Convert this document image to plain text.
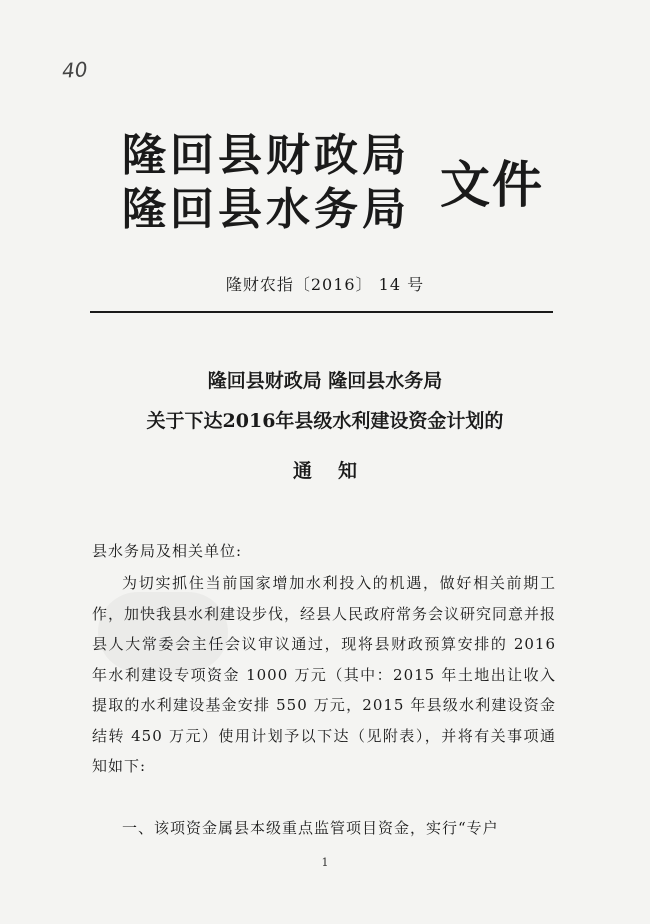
40
隆回县财政局
隆回县水务局 文件
隆财农指〔2016〕 14 号
隆回县财政局 隆回县水务局
关于下达2016年县级水利建设资金计划的
通知
县水务局及相关单位:
为切实抓住当前国家增加水利投入的机遇，做好相关前期工作，加快我县水利建设步伐，经县人民政府常务会议研究同意并报县人大常委会主任会议审议通过，现将县财政预算安排的 2016 年水利建设专项资金 1000 万元（其中：2015 年土地出让收入提取的水利建设基金安排 550 万元，2015 年县级水利建设资金结转 450 万元）使用计划予以下达（见附表），并将有关事项通知如下:
一、该项资金属县本级重点监管项目资金，实行“专户
1
